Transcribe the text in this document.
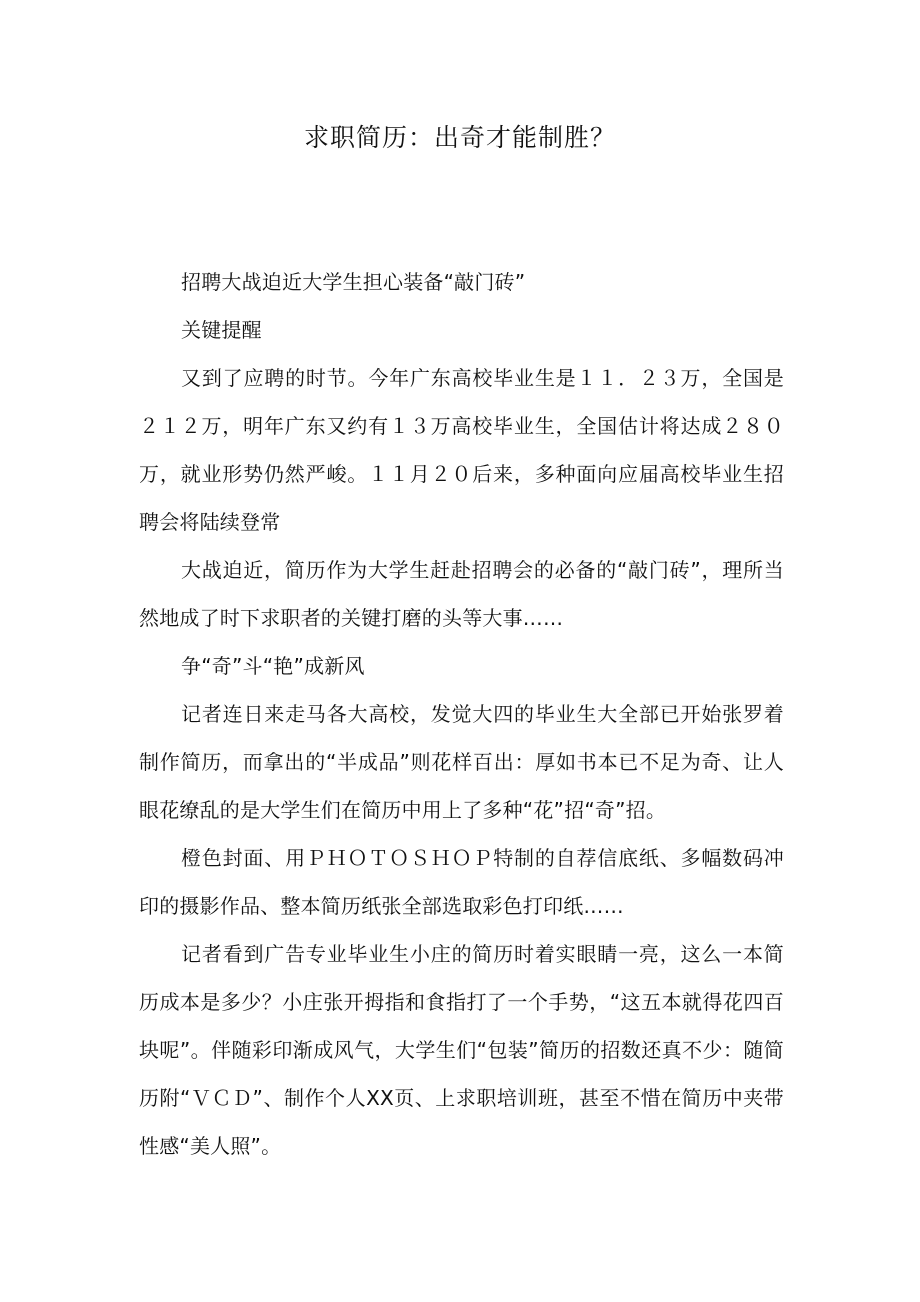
求职简历：出奇才能制胜？

招聘大战迫近大学生担心装备“敲门砖”

关键提醒

又到了应聘的时节。今年广东高校毕业生是１１．２３万，全国是２１２万，明年广东又约有１３万高校毕业生，全国估计将达成２８０万，就业形势仍然严峻。１１月２０后来，多种面向应届高校毕业生招聘会将陆续登常

大战迫近，简历作为大学生赶赴招聘会的必备的“敲门砖”，理所当然地成了时下求职者的关键打磨的头等大事……

争“奇”斗“艳”成新风

记者连日来走马各大高校，发觉大四的毕业生大全部已开始张罗着制作简历，而拿出的“半成品”则花样百出：厚如书本已不足为奇、让人眼花缭乱的是大学生们在简历中用上了多种“花”招“奇”招。

橙色封面、用ＰＨＯＴＯＳＨＯＰ特制的自荐信底纸、多幅数码冲印的摄影作品、整本简历纸张全部选取彩色打印纸……

记者看到广告专业毕业生小庄的简历时着实眼睛一亮，这么一本简历成本是多少？小庄张开拇指和食指打了一个手势，“这五本就得花四百块呢”。伴随彩印渐成风气，大学生们“包装”简历的招数还真不少：随简历附“ＶＣＤ”、制作个人XX页、上求职培训班，甚至不惜在简历中夹带性感“美人照”。
